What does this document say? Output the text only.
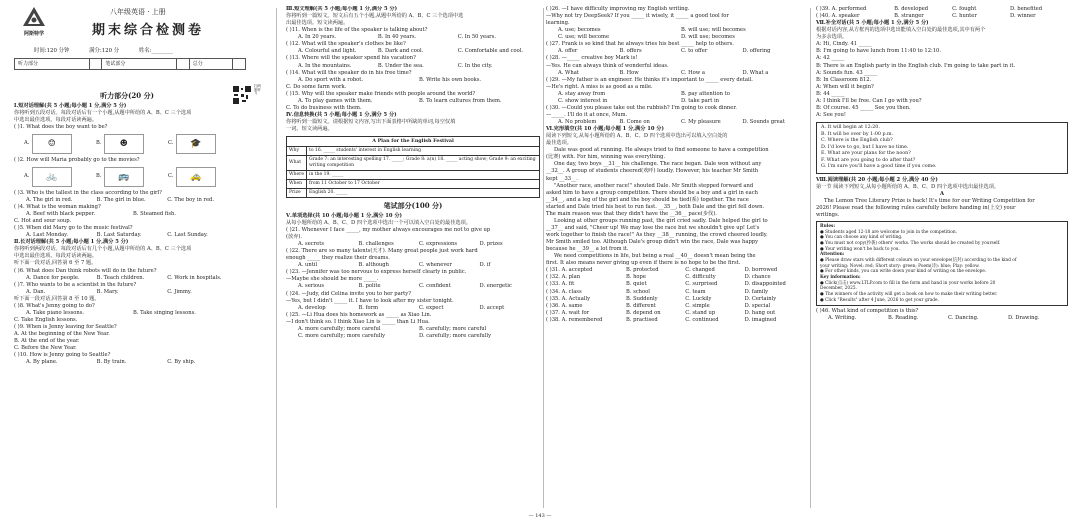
阿斯特学
八年级英语 · 上册
期末综合检测卷
时间:120 分钟	满分:120 分	姓名:________
听力部分		笔试部分		总分	
扫码听听力
听力部分(20 分)
Ⅰ.短对话理解(共 5 小题;每小题 1 分,满分 5 分)
你将听到五段对话。每段对话后有一个小题,从题中所给的 A、B、C 三个选项
中选出最佳选项。每段对话读两遍。
( )1. What does the boy want to be?
A.	☺	B.	☻	C.	🎓
( )2. How will Maria probably go to the movies?
A.	🚲	B.	🚌	C.	🚕
( )3. Who is the tallest in the class according to the girl?
A. The girl in red.	B. The girl in blue.	C. The boy in red.
( )4. What is the woman making?
A. Beef with black pepper.	B. Steamed fish.
C. Hot and sour soup.
( )5. When did Mary go to the music festival?
A. Last Monday.	B. Last Saturday.	C. Last Sunday.
Ⅱ.长对话理解(共 5 小题;每小题 1 分,满分 5 分)
你将听到两段对话。每段对话后有几个小题,从题中所给的 A、B、C 三个选项
中选出最佳选项。每段对话读两遍。
听下面一段对话,回答第 6 至 7 题。
( )6. What does Dan think robots will do in the future?
A. Dance for people.	B. Teach children.	C. Work in hospitals.
( )7. Who wants to be a scientist in the future?
A. Dan.	B. Mary.	C. Jimmy.
听下面一段对话,回答第 8 至 10 题。
( )8. What's Jenny going to do?
A. Take piano lessons.	B. Take singing lessons.
C. Take English lessons.
( )9. When is Jenny leaving for Seattle?
A. At the beginning of the New Year.
B. At the end of the year.
C. Before the New Year.
( )10. How is Jenny going to Seattle?
A. By plane.	B. By train.	C. By ship.
Ⅲ.短文理解(共 5 小题;每小题 1 分,满分 5 分)
你将听到一篇短文。短文后有五个小题,从题中所给的 A、B、C 三个选项中选
出最佳选项。短文读两遍。
( )11. When is the life of the speaker is talking about?
A. In 20 years.	B. In 40 years.	C. In 50 years.
( )12. What will the speaker's clothes be like?
A. Colourful and light.	B. Dark and cool.	C. Comfortable and cool.
( )13. Where will the speaker spend his vacation?
A. In the mountains.	B. Under the sea.	C. In the city.
( )14. What will the speaker do in his free time?
A. Do sport with a robot.	B. Write his own books.
C. Do some farm work.
( )15. Why will the speaker make friends with people around the world?
A. To play games with them.	B. To learn cultures from them.
C. To do business with them.
Ⅳ.信息转换(共 5 小题;每小题 1 分,满分 5 分)
你将听到一篇短文。请根据短文内容,写出下面表格中所缺的单词,每空仅填
一词。短文读两遍。
A Plan for the English Festival	
Why	to 16. _____ students' interest in English learning
What	Grade 7: an interesting spelling 17. _____; Grade 8: a(n) 18. _____ acting show; Grade 9: an exciting writing competition
Where	in the 19. _____
When	from 11 October to 17 October
Prize	English 20. _____
笔试部分(100 分)
Ⅴ.单项选择(共 10 小题;每小题 1 分,满分 10 分)
从每小题所给的 A、B、C、D 四个选项中选出一个可以填入空白处的最佳选项。
( )21. Whenever I face _____, my mother always encourages me not to give up
(放弃).
A. secrets	B. challenges	C. expressions	D. prizes
( )22. There are so many talents(天才). Many great people just work hard
enough _____ they realize their dreams.
A. until	B. although	C. whenever	D. if
( )23. —Jennifer was too nervous to express herself clearly in public.
—Maybe she should be more _____.
A. serious	B. polite	C. confident	D. energetic
( )24. —Judy, did Celina invite you to her party?
—Yes, but I didn't _____ it. I have to look after my sister tonight.
A. develop	B. form	C. expect	D. accept
( )25. —Li Hua does his homework as _____ as Xiao Lin.
—I don't think so. I think Xiao Lin is _____ than Li Hua.
A. more carefully; more careful	B. carefully; more careful
C. more carefully; more carefully	D. carefully; more carefully
( )26. —I have difficulty improving my English writing.
—Why not try DeepSeek? If you _____ it wisely, it _____ a good tool for
learning.
A. use; becomes	B. will use; will becomes
C. use; will become	D. will use; becomes
( )27. Frank is so kind that he always tries his best _____ help to others.
A. offer	B. offers	C. to offer	D. offering
( )28. —_____ creative boy Mark is!
—Yes. He can always think of wonderful ideas.
A. What	B. How	C. How a	D. What a
( )29. —My father is an engineer. He thinks it's important to _____ every detail.
—He's right. A miss is as good as a mile.
A. stay away from	B. pay attention to
C. show interest in	D. take part in
( )30. —Could you please take out the rubbish? I'm going to cook dinner.
—_____. I'll do it at once, Mum.
A. No problem	B. Come on	C. My pleasure	D. Sounds great
Ⅵ.完形填空(共 10 小题;每小题 1 分,满分 10 分)
阅读下列短文,从每小题所给的 A、B、C、D 四个选项中选出可以填入空白处的
最佳选项。
Dale was good at running. He always tried to find someone to have a competition
(比赛) with. For him, winning was everything.
One day, two boys __31__ his challenge. The race began. Dale won without any
__32__. A group of students cheered(欢呼) loudly. However, his teacher Mr Smith
kept __33__.
"Another race, another race!" shouted Dale. Mr Smith stepped forward and
asked him to have a group competition. There should be a boy and a girl in each
__34__, and a leg of the girl and the boy should be tied(系) together. The race
started and Dale tried his best to run fast. __35__, both Dale and the girl fell down.
The main reason was that they didn't have the __36__ pace(步伐).
Looking at other groups running past, the girl cried sadly. Dale helped the girl to
__37__ and said, "Cheer up! We may lose the race but we shouldn't give up! Let's
work together to finish the race!" As they __38__ running, the crowd cheered loudly.
Mr Smith smiled too. Although Dale's group didn't win the race, Dale was happy
because he __39__ a lot from it.
We need competitions in life, but being a real __40__ doesn't mean being the
first. It also means never giving up even if there is no hope to be the first.
( )31. A. accepted	B. protected	C. changed	D. borrowed
( )32. A. plan	B. hope	C. difficulty	D. chance
( )33. A. fit	B. quiet	C. surprised	D. disappointed
( )34. A. class	B. school	C. team	D. family
( )35. A. Actually	B. Suddenly	C. Luckily	D. Certainly
( )36. A. same	B. different	C. simple	D. special
( )37. A. wait for	B. depend on	C. stand up	D. hang out
( )38. A. remembered	B. practised	C. continued	D. imagined
( )39. A. performed	B. developed	C. fought	D. benefited
( )40. A. speaker	B. stranger	C. hunter	D. winner
Ⅶ.补全对话(共 5 小题;每小题 1 分,满分 5 分)
根据对话内容,从方框内的选项中选出能填入空白处的最佳选项,其中有两个
为多余选项。
A: Hi, Cindy. 41 _____
B: I'm going to have lunch from 11:40 to 12:10.
A: 42 _____
B: There is an English party in the English club. I'm going to take part in it.
A: Sounds fun. 43 _____
B: In Classroom 812.
A: When will it begin?
B: 44 _____
A: I think I'll be free. Can I go with you?
B: Of course. 45 _____ See you then.
A: See you!
A. It will begin at 12:20.
B. It will be over by 1:00 p.m.
C. Where is the English club?
D. I'd love to go, but I have no time.
E. What are your plans for the noon?
F. What are you going to do after that?
G. I'm sure you'll have a good time if you come.
Ⅷ.阅读理解(共 20 小题;每小题 2 分,满分 40 分)
第一节 阅读下列短文,从每小题所给的 A、B、C、D 四个选项中选出最佳选项。
A
The Lemon Tree Literary Prize is back! It's time for our Writing Competition for
2026! Please read the following rules carefully before handing in(上交) your
writings.
Rules:
● Students aged 12-18 are welcome to join in the competition.
● You can choose any kind of writing.
● You must not copy(抄袭) others' works. The works should be created by yourself.
● Your writing won't be back to you.
Attention:
● Please draw stars with different colours on your envelope(信封) according to the kind of
your writing: Novel: red; Short story: green; Poem(诗): blue; Play: yellow.
● For other kinds, you can write down your kind of writing on the envelope.
Key information:
● Click(点击) www.LTLP.com to fill in the form and hand in your works before 20
December, 2025.
● The winners of the activity will get a book on how to make their writing better.
● Click "Results" after 4 June, 2026 to get your grade.
( )46. What kind of competition is this?
A. Writing.	B. Reading.	C. Dancing.	D. Drawing.
— 143 —
